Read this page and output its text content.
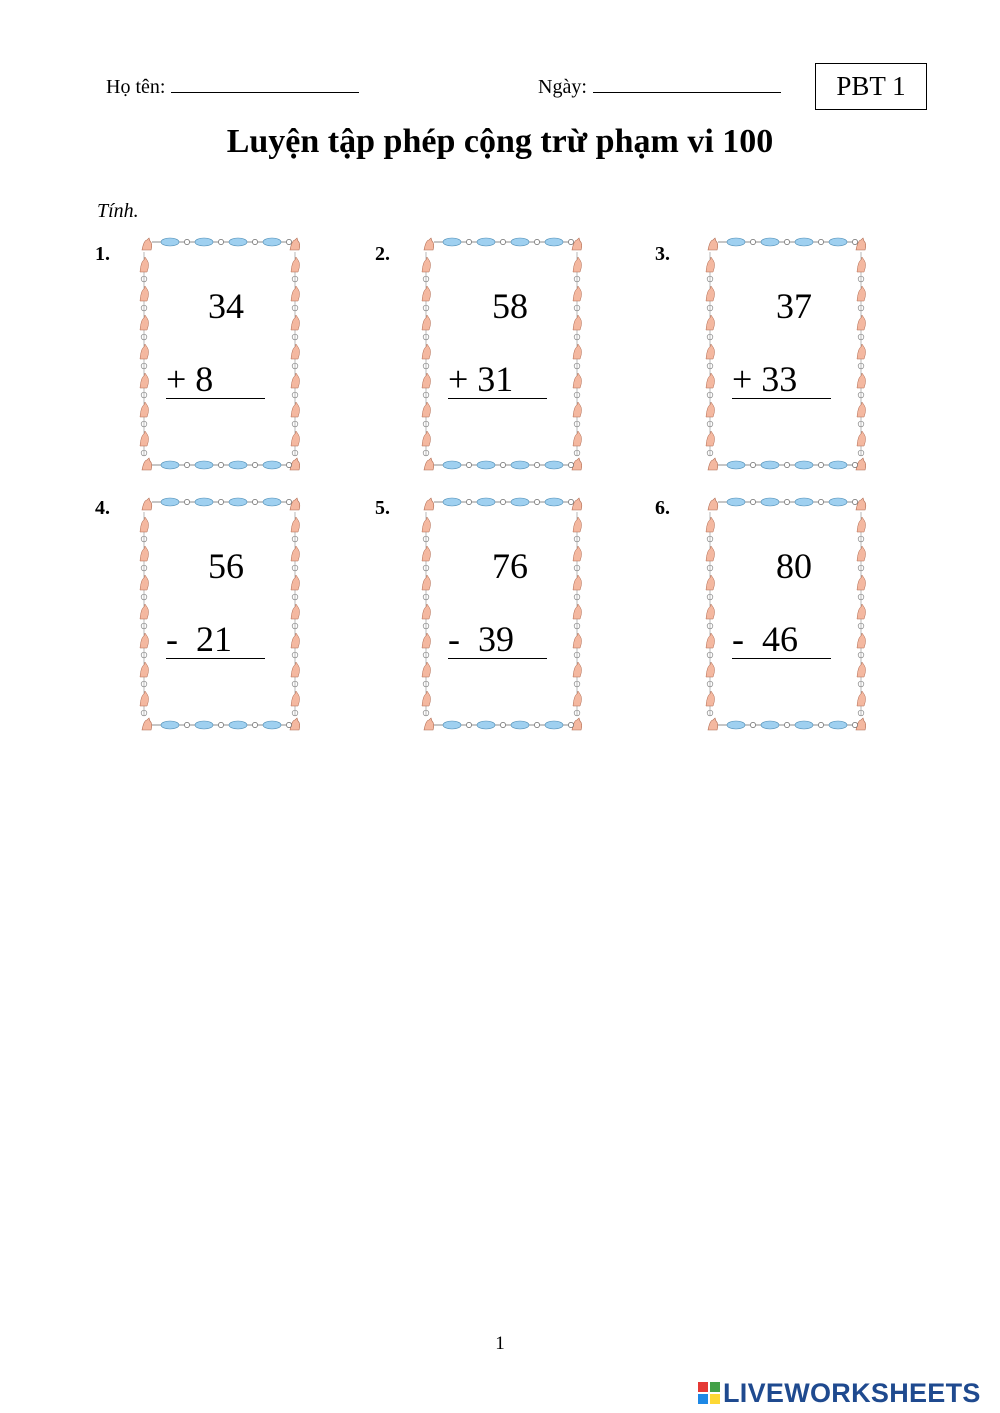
Họ tên:	Ngày:	PBT 1
Luyện tập phép cộng trừ phạm vi 100
Tính.
1.
34
+ 8
2.
58
+ 31
3.
37
+ 33
4.
56
-  21
5.
76
-  39
6.
80
-  46
1
LIVEWORKSHEETS
